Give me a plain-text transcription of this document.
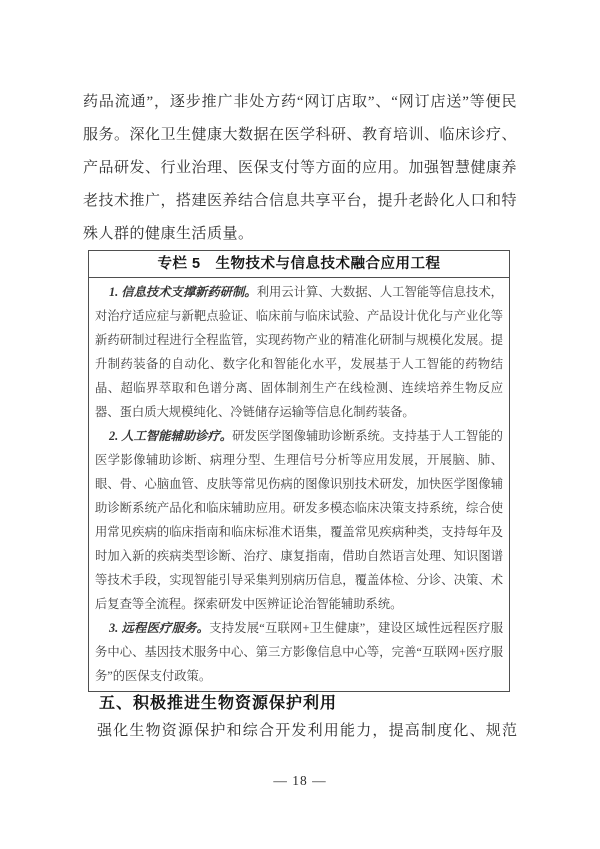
药品流通”，逐步推广非处方药“网订店取”、“网订店送”等便民服务。深化卫生健康大数据在医学科研、教育培训、临床诊疗、产品研发、行业治理、医保支付等方面的应用。加强智慧健康养老技术推广，搭建医养结合信息共享平台，提升老龄化人口和特殊人群的健康生活质量。

专栏 5　生物技术与信息技术融合应用工程

1. 信息技术支撑新药研制。利用云计算、大数据、人工智能等信息技术，对治疗适应症与新靶点验证、临床前与临床试验、产品设计优化与产业化等新药研制过程进行全程监管，实现药物产业的精准化研制与规模化发展。提升制药装备的自动化、数字化和智能化水平，发展基于人工智能的药物结晶、超临界萃取和色谱分离、固体制剂生产在线检测、连续培养生物反应器、蛋白质大规模纯化、冷链储存运输等信息化制药装备。

2. 人工智能辅助诊疗。研发医学图像辅助诊断系统。支持基于人工智能的医学影像辅助诊断、病理分型、生理信号分析等应用发展，开展脑、肺、眼、骨、心脑血管、皮肤等常见伤病的图像识别技术研发，加快医学图像辅助诊断系统产品化和临床辅助应用。研发多模态临床决策支持系统，综合使用常见疾病的临床指南和临床标准术语集，覆盖常见疾病种类，支持每年及时加入新的疾病类型诊断、治疗、康复指南，借助自然语言处理、知识图谱等技术手段，实现智能引导采集判别病历信息，覆盖体检、分诊、决策、术后复查等全流程。探索研发中医辨证论治智能辅助系统。

3. 远程医疗服务。支持发展“互联网+卫生健康”，建设区域性远程医疗服务中心、基因技术服务中心、第三方影像信息中心等，完善“互联网+医疗服务”的医保支付政策。

五、积极推进生物资源保护利用

强化生物资源保护和综合开发利用能力，提高制度化、规范

— 18 —
